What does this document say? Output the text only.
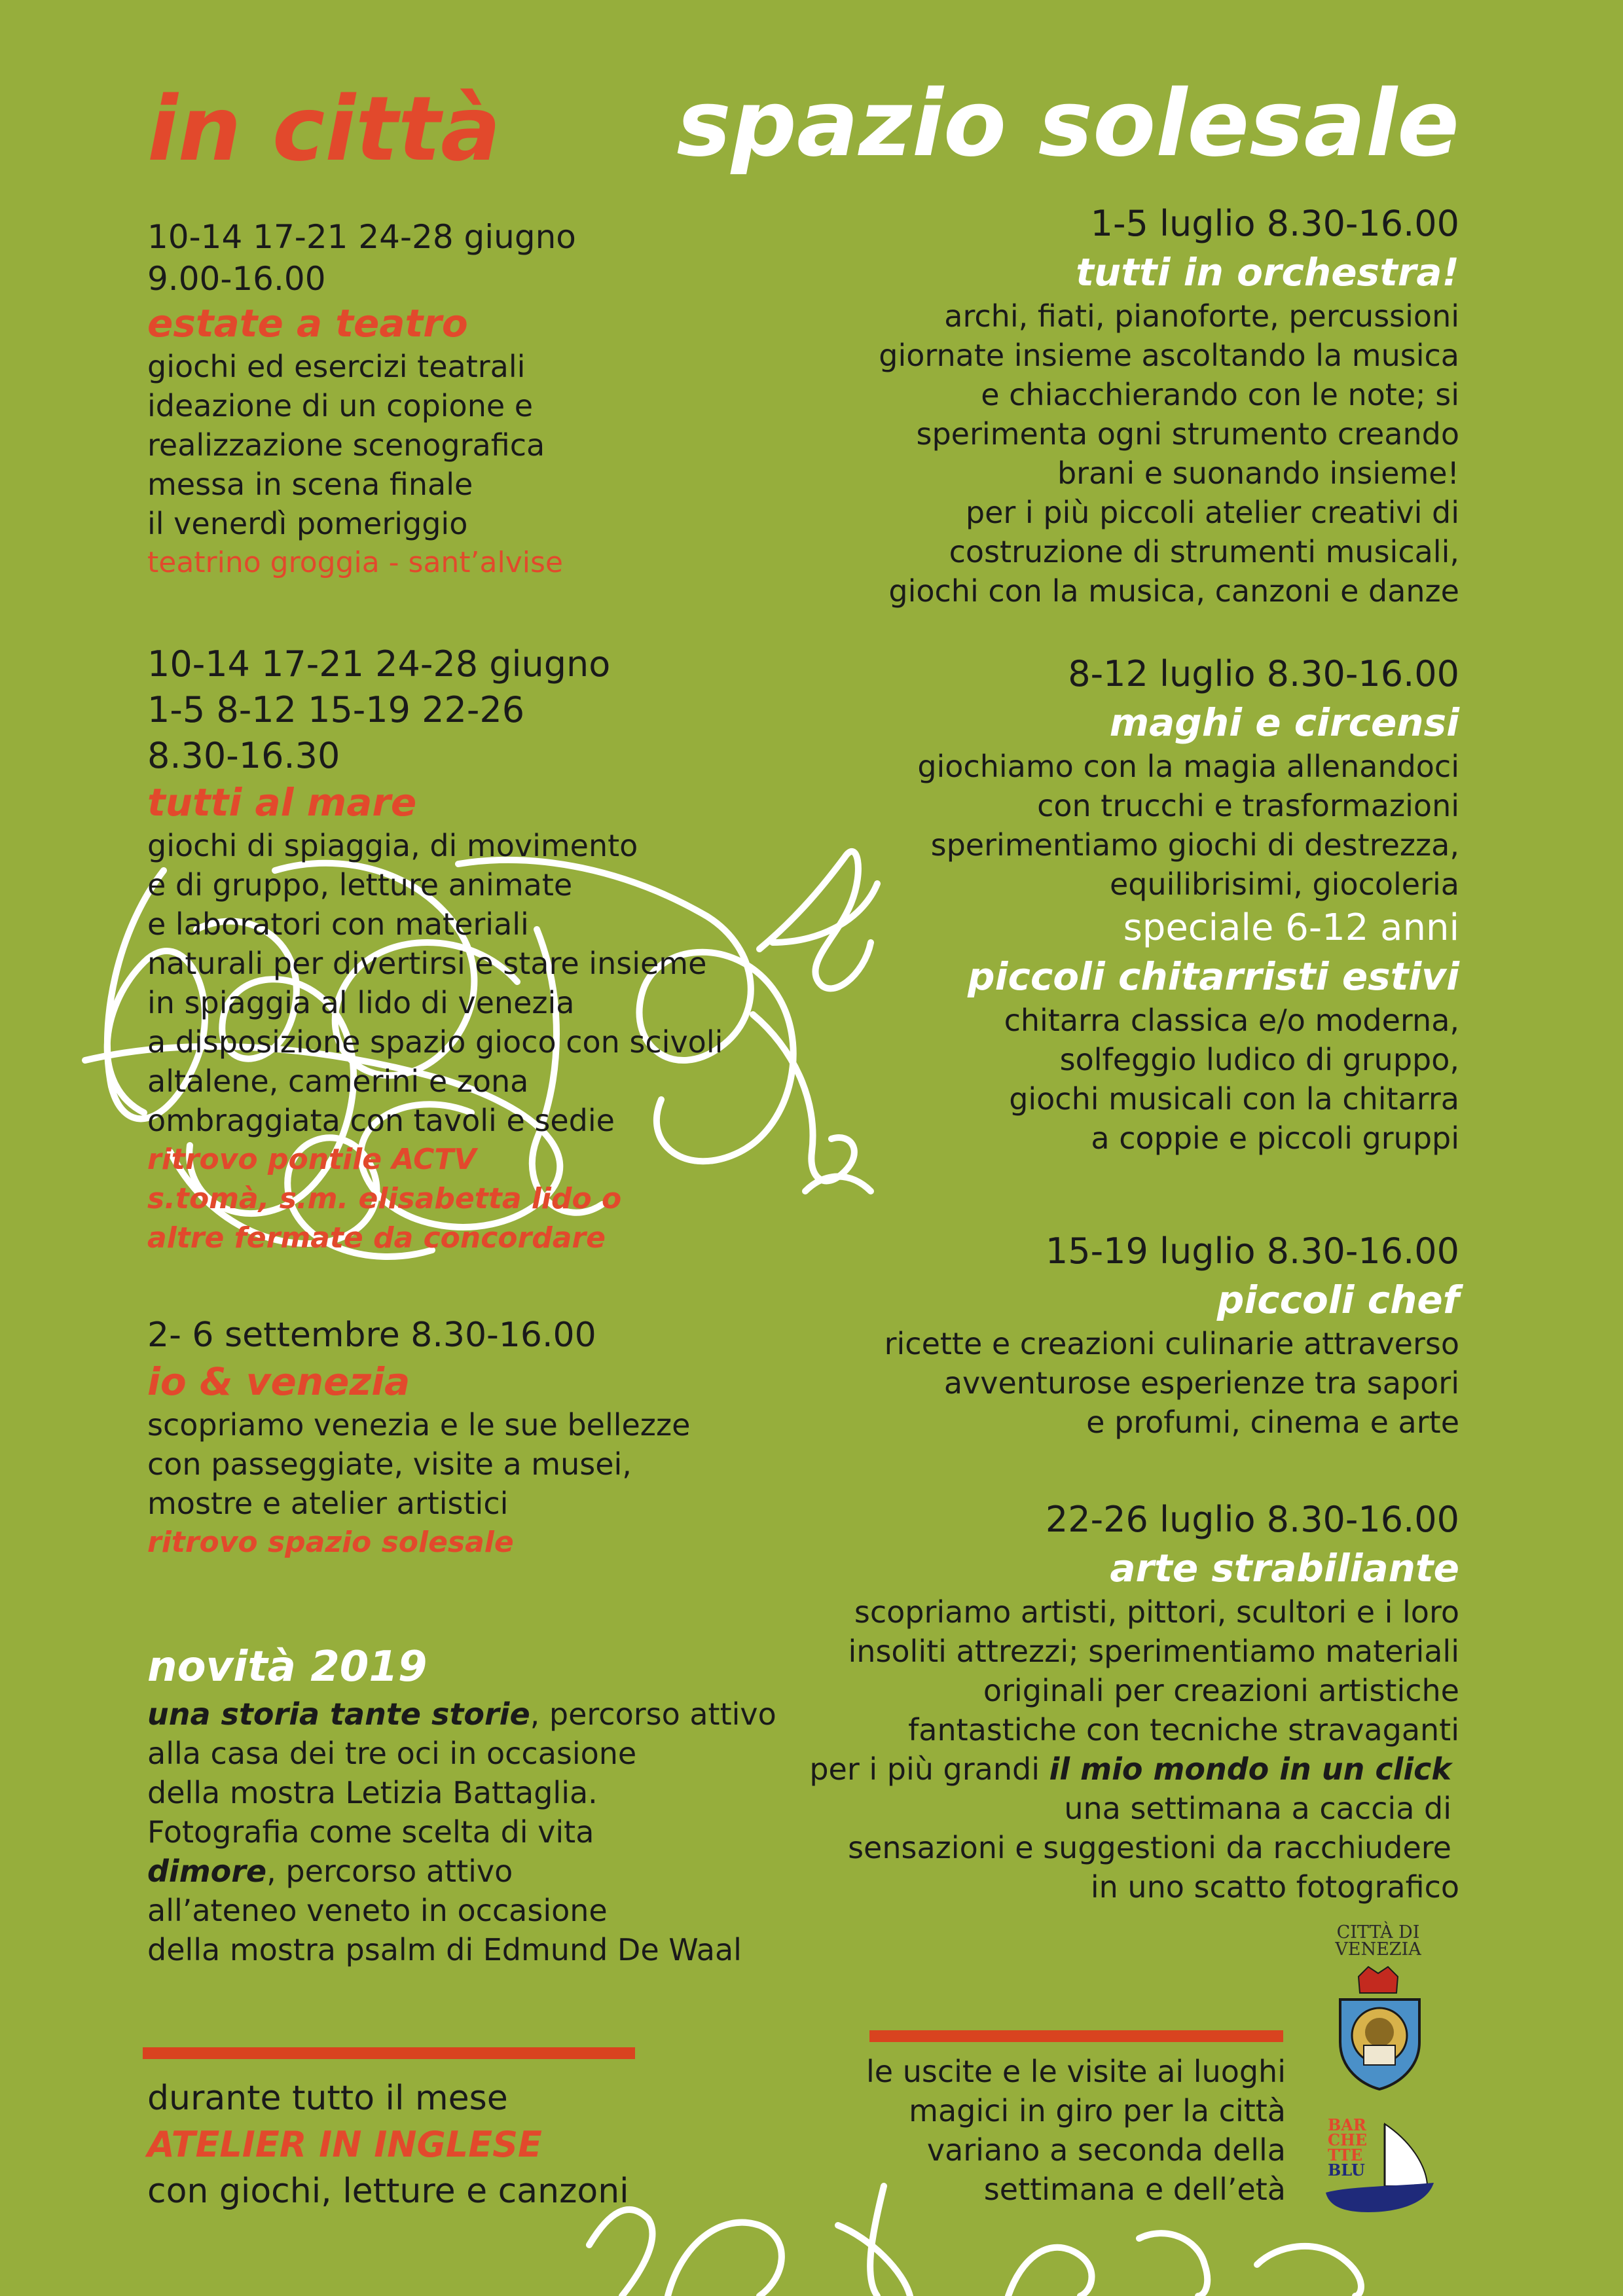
in città
10-14 17-21 24-28 giugno
9.00-16.00
estate a teatro
giochi ed esercizi teatrali
ideazione di un copione e
realizzazione scenografica
messa in scena finale
il venerdì pomeriggio
teatrino groggia - sant’alvise
10-14 17-21 24-28 giugno
1-5 8-12 15-19 22-26
8.30-16.30
tutti al mare
giochi di spiaggia, di movimento
e di gruppo, letture animate
e laboratori con materiali
naturali per divertirsi e stare insieme
in spiaggia al lido di venezia
a disposizione spazio gioco con scivoli
altalene, camerini e zona
ombraggiata con tavoli e sedie
ritrovo pontile ACTV
s.tomà, s.m. elisabetta lido o
altre fermate da concordare
2- 6 settembre 8.30-16.00
io & venezia
scopriamo venezia e le sue bellezze
con passeggiate, visite a musei,
mostre e atelier artistici
ritrovo spazio solesale
novità 2019
una storia tante storie, percorso attivo
alla casa dei tre oci in occasione
della mostra Letizia Battaglia.
Fotografia come scelta di vita
dimore, percorso attivo
all’ateneo veneto in occasione
della mostra psalm di Edmund De Waal
durante tutto il mese
ATELIER IN INGLESE
con giochi, letture e canzoni
spazio solesale
1-5 luglio 8.30-16.00
tutti in orchestra!
archi, fiati, pianoforte, percussioni
giornate insieme ascoltando la musica
e chiacchierando con le note; si
sperimenta ogni strumento creando
brani e suonando insieme!
per i più piccoli atelier creativi di
costruzione di strumenti musicali,
giochi con la musica, canzoni e danze
8-12 luglio 8.30-16.00
maghi e circensi
giochiamo con la magia allenandoci
con trucchi e trasformazioni
sperimentiamo giochi di destrezza,
equilibrisimi, giocoleria
speciale 6-12 anni
piccoli chitarristi estivi
chitarra classica e/o moderna,
solfeggio ludico di gruppo,
giochi musicali con la chitarra
a coppie e piccoli gruppi
15-19 luglio 8.30-16.00
piccoli chef
ricette e creazioni culinarie attraverso
avventurose esperienze tra sapori
e profumi, cinema e arte
22-26 luglio 8.30-16.00
arte strabiliante
scopriamo artisti, pittori, scultori e i loro
insoliti attrezzi; sperimentiamo materiali
originali per creazioni artistiche
fantastiche con tecniche stravaganti
per i più grandi il mio mondo in un click
una settimana a caccia di
sensazioni e suggestioni da racchiudere
in uno scatto fotografico
le uscite e le visite ai luoghi
magici in giro per la città
variano a seconda della
settimana e dell’età
CITTÀ DI
VENEZIA
BAR
CHE
TTE
BLU
